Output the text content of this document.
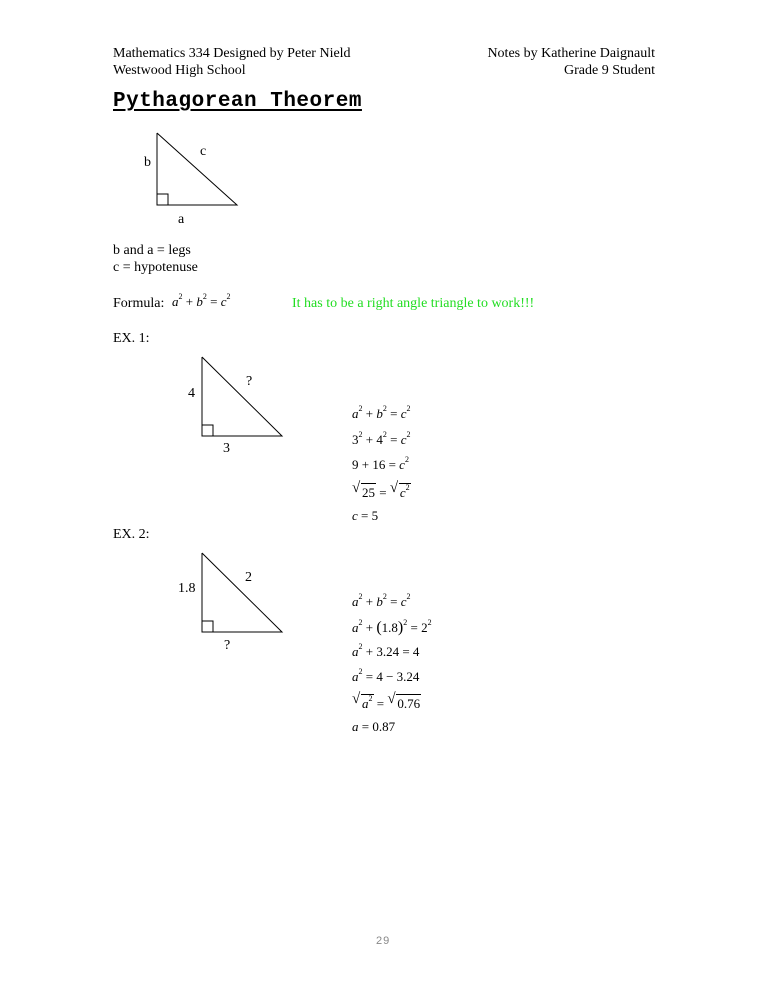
Mathematics 334 Designed by Peter Nield
Westwood High School
Notes by Katherine Daignault
Grade 9 Student
Pythagorean Theorem
b
c
a
b and a = legs
c = hypotenuse
Formula: $a^2 + b^2 = c^2$	It has to be a right angle triangle to work!!!
EX. 1:
4
?
3
$a^2 + b^2 = c^2$
$3^2 + 4^2 = c^2$
$9 + 16 = c^2$
√ 25 = √ $c^2$
c = 5
EX. 2:
1.8
2
?
$a^2 + b^2 = c^2$
$a^2 + (1.8)^2 = 2^2$
$a^2 + 3.24 = 4$
$a^2 = 4 - 3.24$
√ $a^2$ = √ 0.76
a = 0.87
29
